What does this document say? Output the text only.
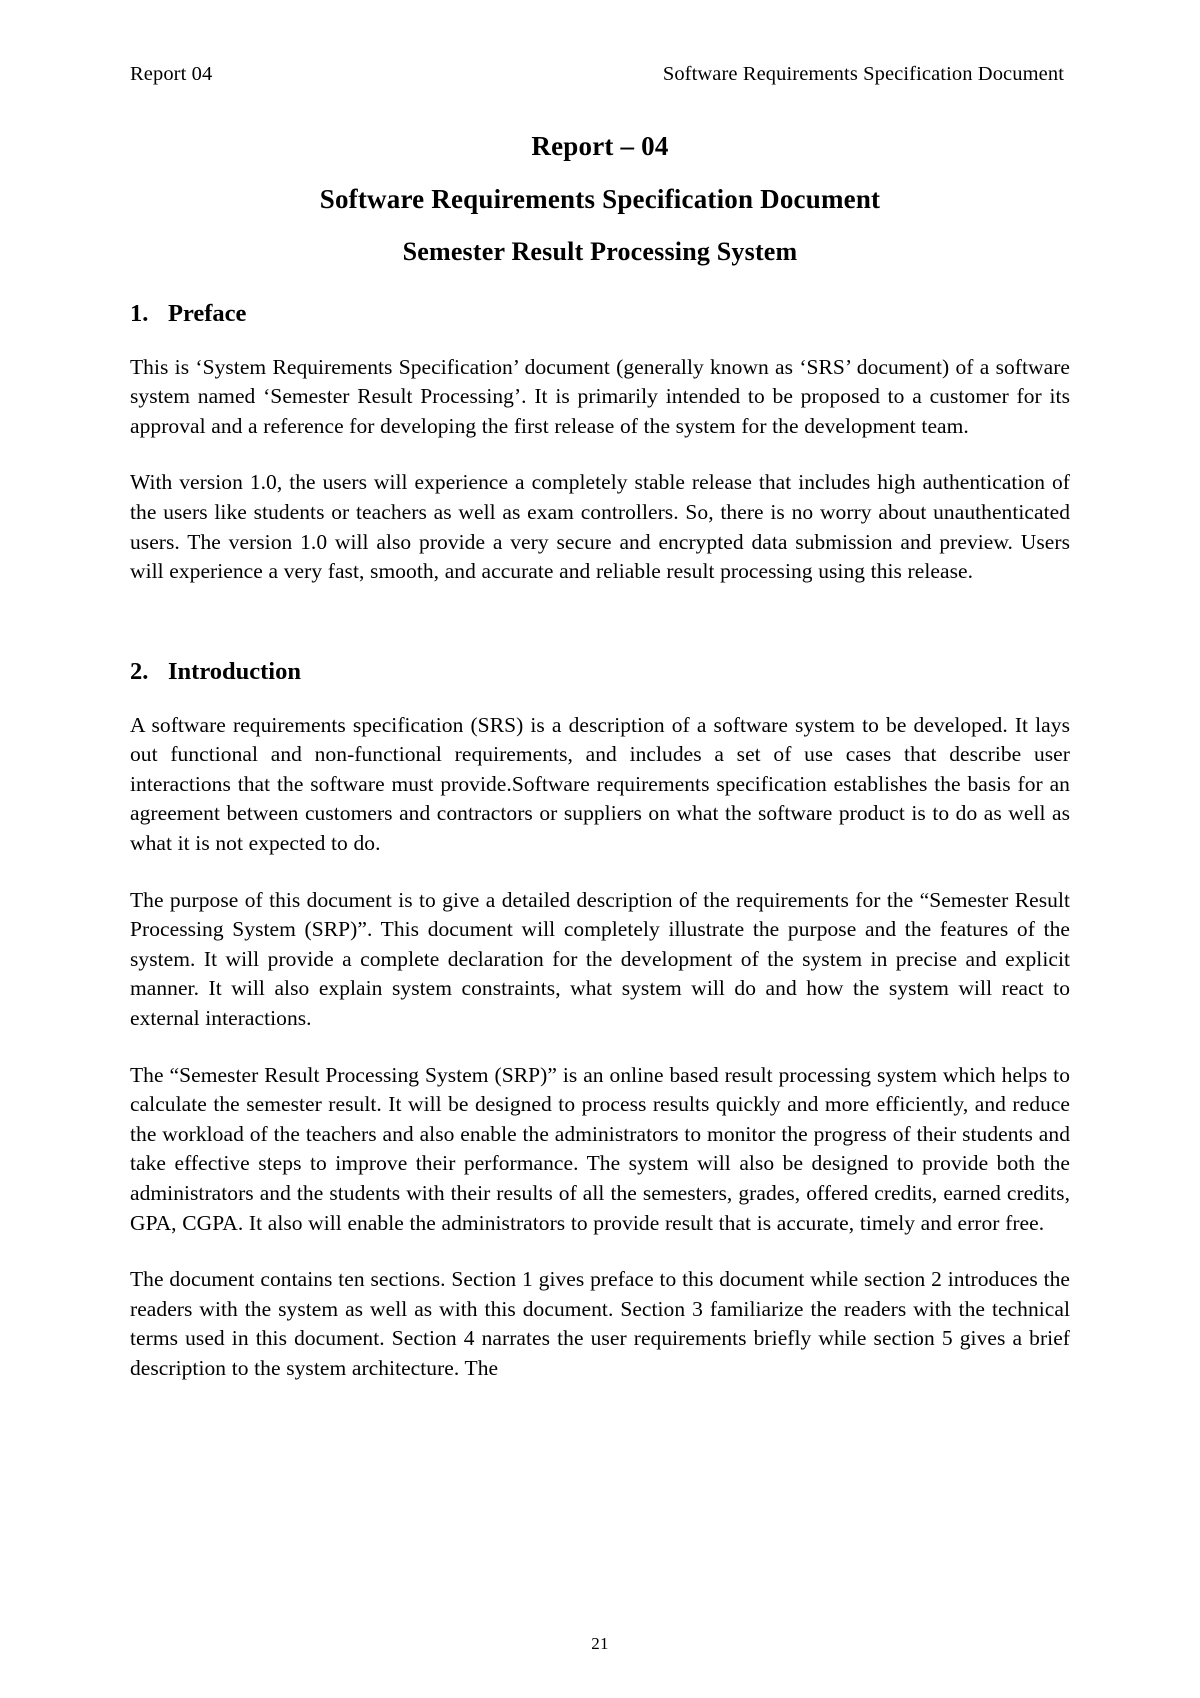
Report 04	Software Requirements Specification Document
Report – 04
Software Requirements Specification Document
Semester Result Processing System
1. Preface

This is ‘System Requirements Specification’ document (generally known as ‘SRS’ document) of a software system named ‘Semester Result Processing’. It is primarily intended to be proposed to a customer for its approval and a reference for developing the first release of the system for the development team.

With version 1.0, the users will experience a completely stable release that includes high authentication of the users like students or teachers as well as exam controllers. So, there is no worry about unauthenticated users. The version 1.0 will also provide a very secure and encrypted data submission and preview. Users will experience a very fast, smooth, and accurate and reliable result processing using this release.

2. Introduction

A software requirements specification (SRS) is a description of a software system to be developed. It lays out functional and non-functional requirements, and includes a set of use cases that describe user interactions that the software must provide.Software requirements specification establishes the basis for an agreement between customers and contractors or suppliers on what the software product is to do as well as what it is not expected to do.

The purpose of this document is to give a detailed description of the requirements for the “Semester Result Processing System (SRP)”. This document will completely illustrate the purpose and the features of the system. It will provide a complete declaration for the development of the system in precise and explicit manner. It will also explain system constraints, what system will do and how the system will react to external interactions.

The “Semester Result Processing System (SRP)” is an online based result processing system which helps to calculate the semester result. It will be designed to process results quickly and more efficiently, and reduce the workload of the teachers and also enable the administrators to monitor the progress of their students and take effective steps to improve their performance. The system will also be designed to provide both the administrators and the students with their results of all the semesters, grades, offered credits, earned credits, GPA, CGPA. It also will enable the administrators to provide result that is accurate, timely and error free.

The document contains ten sections. Section 1 gives preface to this document while section 2 introduces the readers with the system as well as with this document. Section 3 familiarize the readers with the technical terms used in this document. Section 4 narrates the user requirements briefly while section 5 gives a brief description to the system architecture. The

21
